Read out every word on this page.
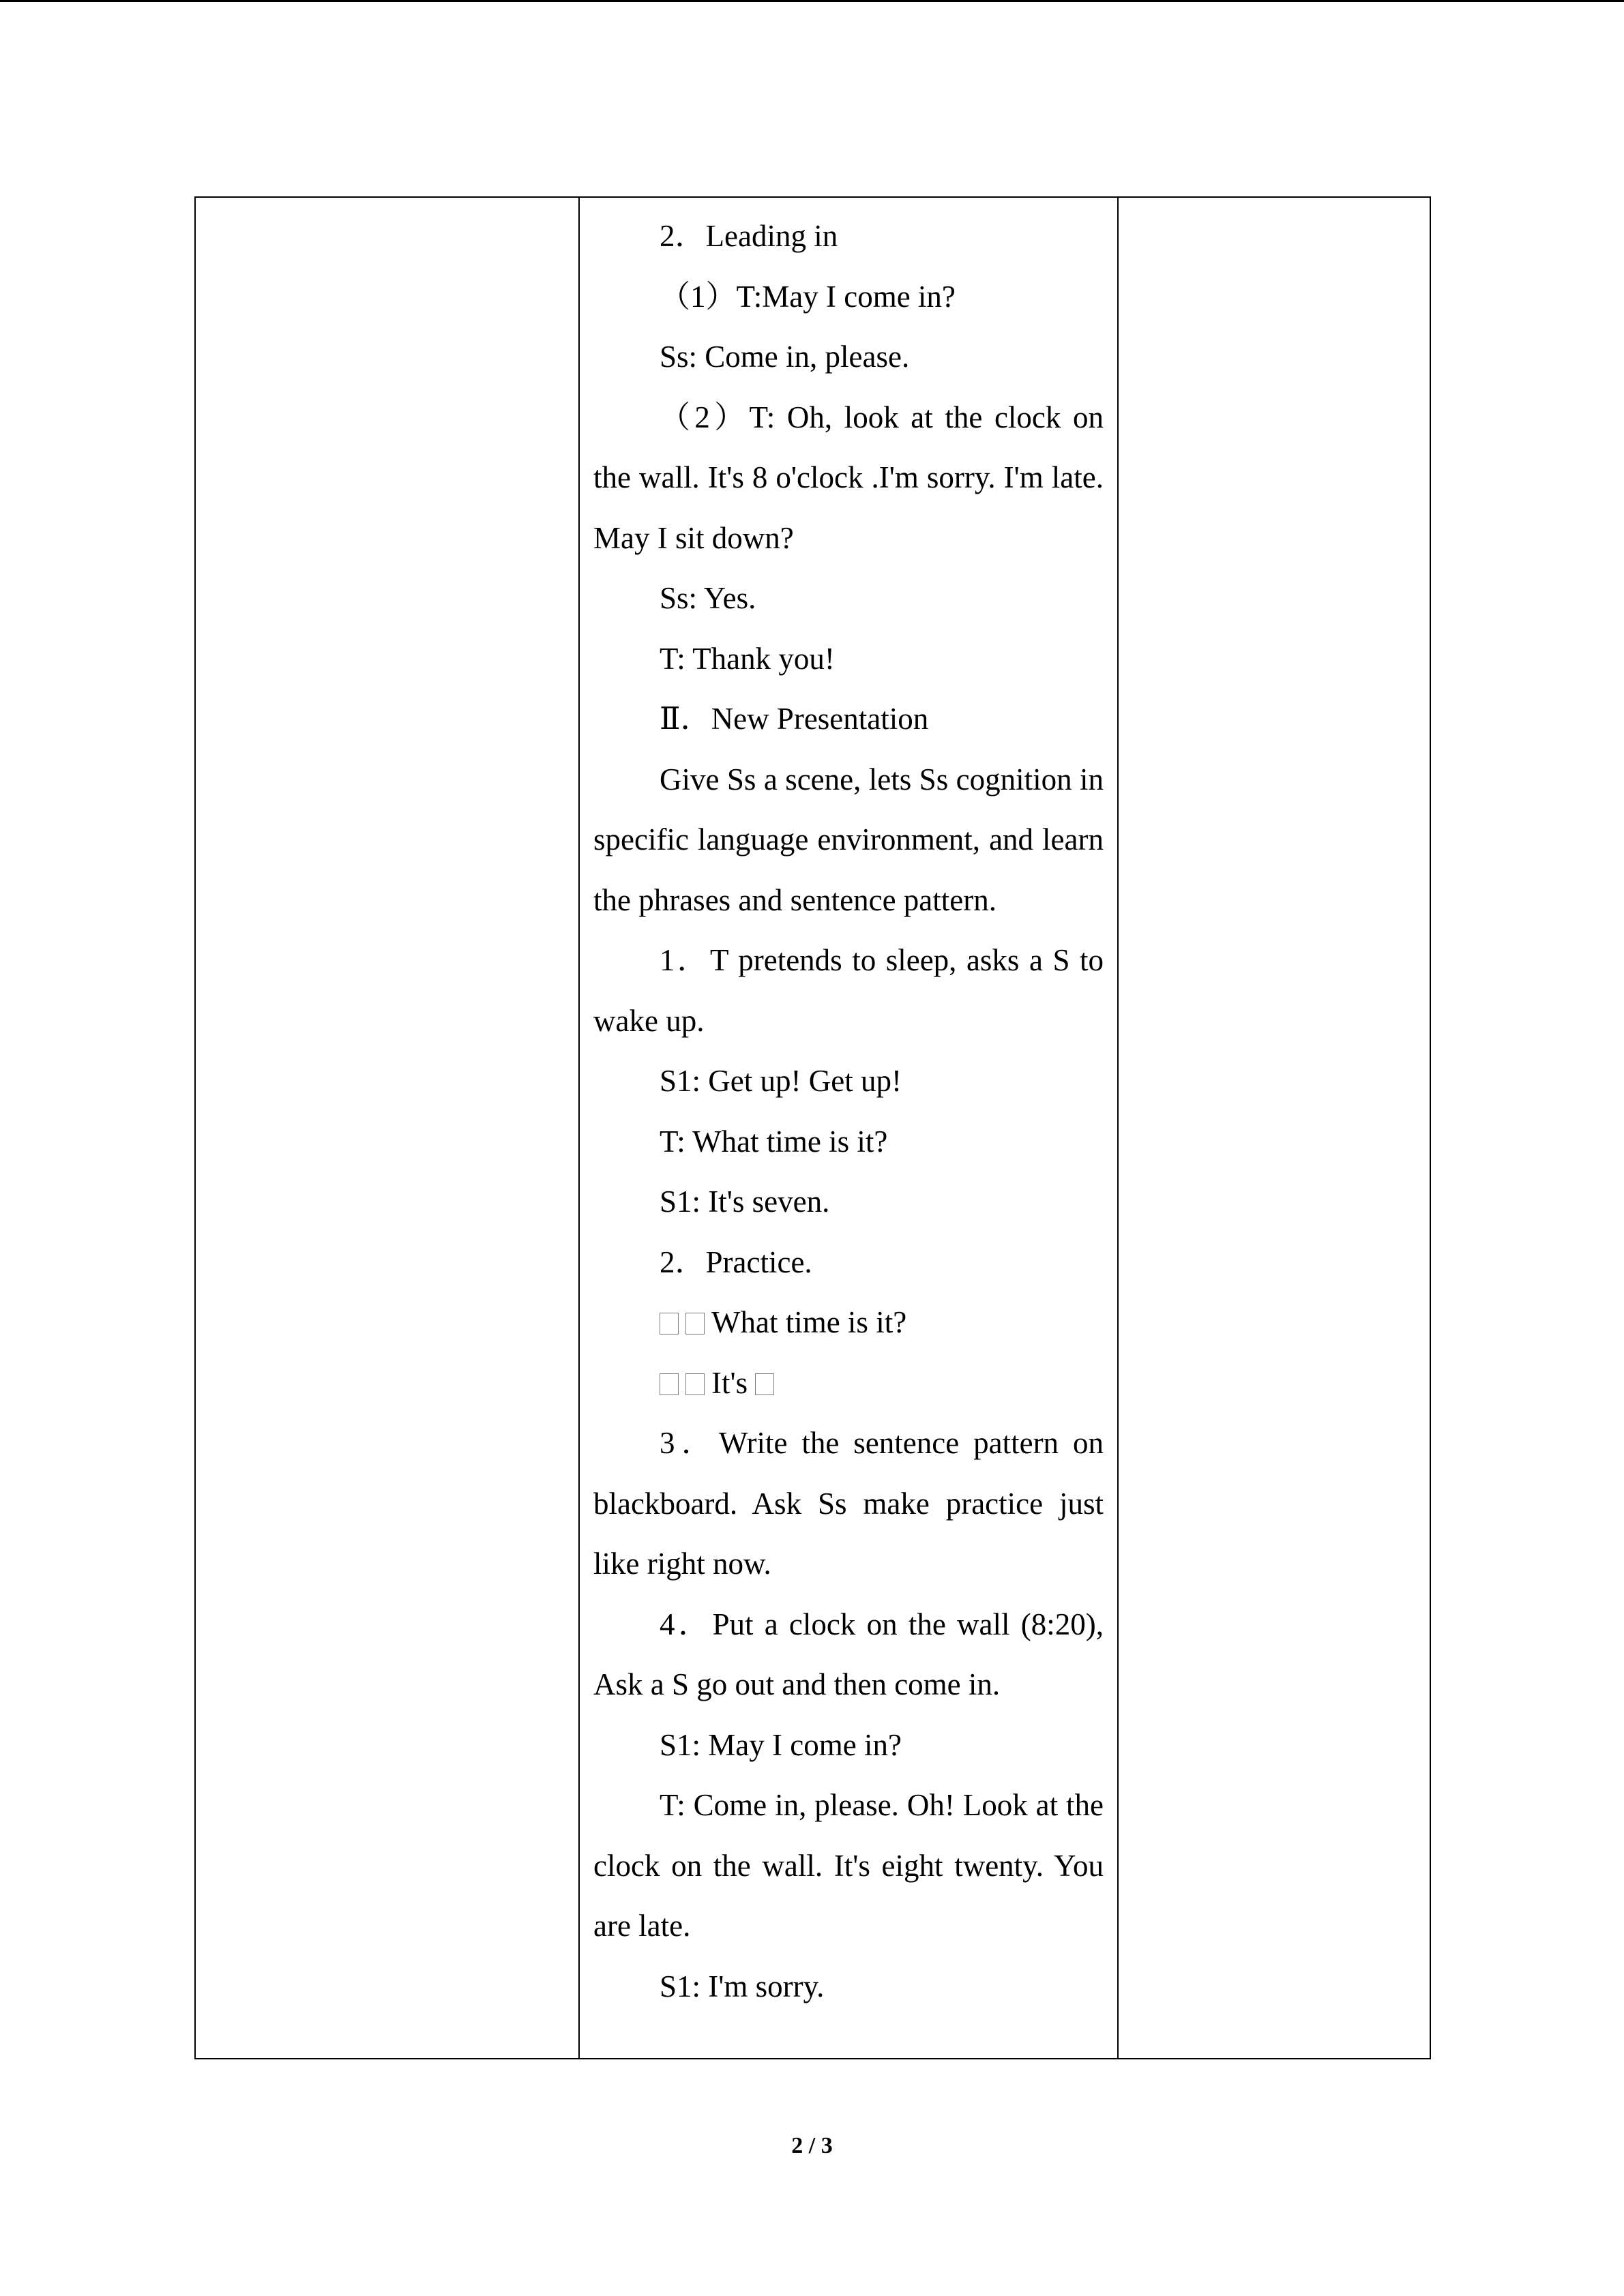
2．Leading in
（1）T:May I come in?
Ss: Come in, please.
（2）T: Oh, look at the clock on the wall. It's 8 o'clock .I'm sorry. I'm late. May I sit down?
Ss: Yes.
T: Thank you!
Ⅱ．New Presentation
Give Ss a scene, lets Ss cognition in specific language environment, and learn the phrases and sentence pattern.
1．T pretends to sleep, asks a S to wake up.
S1: Get up! Get up!
T: What time is it?
S1: It's seven.
2．Practice.
What time is it?
It's
3．Write the sentence pattern on blackboard. Ask Ss make practice just like right now.
4．Put a clock on the wall (8:20), Ask a S go out and then come in.
S1: May I come in?
T: Come in, please. Oh! Look at the clock on the wall. It's eight twenty. You are late.
S1: I'm sorry.

2 / 3
